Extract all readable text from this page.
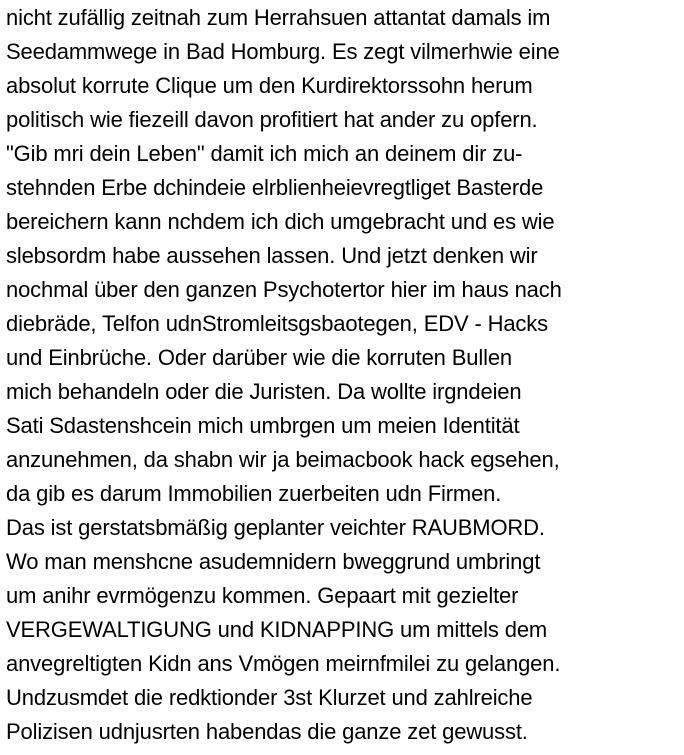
nicht zufällig zeitnah zum Herrahsuen attantat damals im
Seedammwege in Bad Homburg. Es zegt vilmerhwie eine
absolut korrute Clique um den Kurdirektorssohn herum
politisch wie fiezeill davon profitiert hat ander zu opfern.
"Gib mri dein Leben" damit ich mich an deinem dir zu-
stehnden Erbe dchindeie elrblienheievregtliget Basterde
bereichern kann nchdem ich dich umgebracht und es wie
slebsordm habe aussehen lassen. Und jetzt denken wir
nochmal über den ganzen Psychotertor hier im haus nach
diebräde, Telfon udnStromleitsgsbaotegen, EDV - Hacks
und Einbrüche. Oder darüber wie die korruten Bullen
mich behandeln oder die Juristen. Da wollte irgndeien
Sati Sdastenshcein mich umbrgen um meien Identität
anzunehmen, da shabn wir ja beimacbook hack egsehen,
da gib es darum Immobilien zuerbeiten udn Firmen.
Das ist gerstatsbmäßig geplanter veichter RAUBMORD.
Wo man menshcne asudemnidern bweggrund umbringt
um anihr evrmögenzu kommen. Gepaart mit gezielter
VERGEWALTIGUNG und KIDNAPPING um mittels dem
anvegreltigten Kidn ans Vmögen meirnfmilei zu gelangen.
Undzusmdet die redktionder 3st Klurzet und zahlreiche
Polizisen udnjusrten habendas die ganze zet gewusst.
